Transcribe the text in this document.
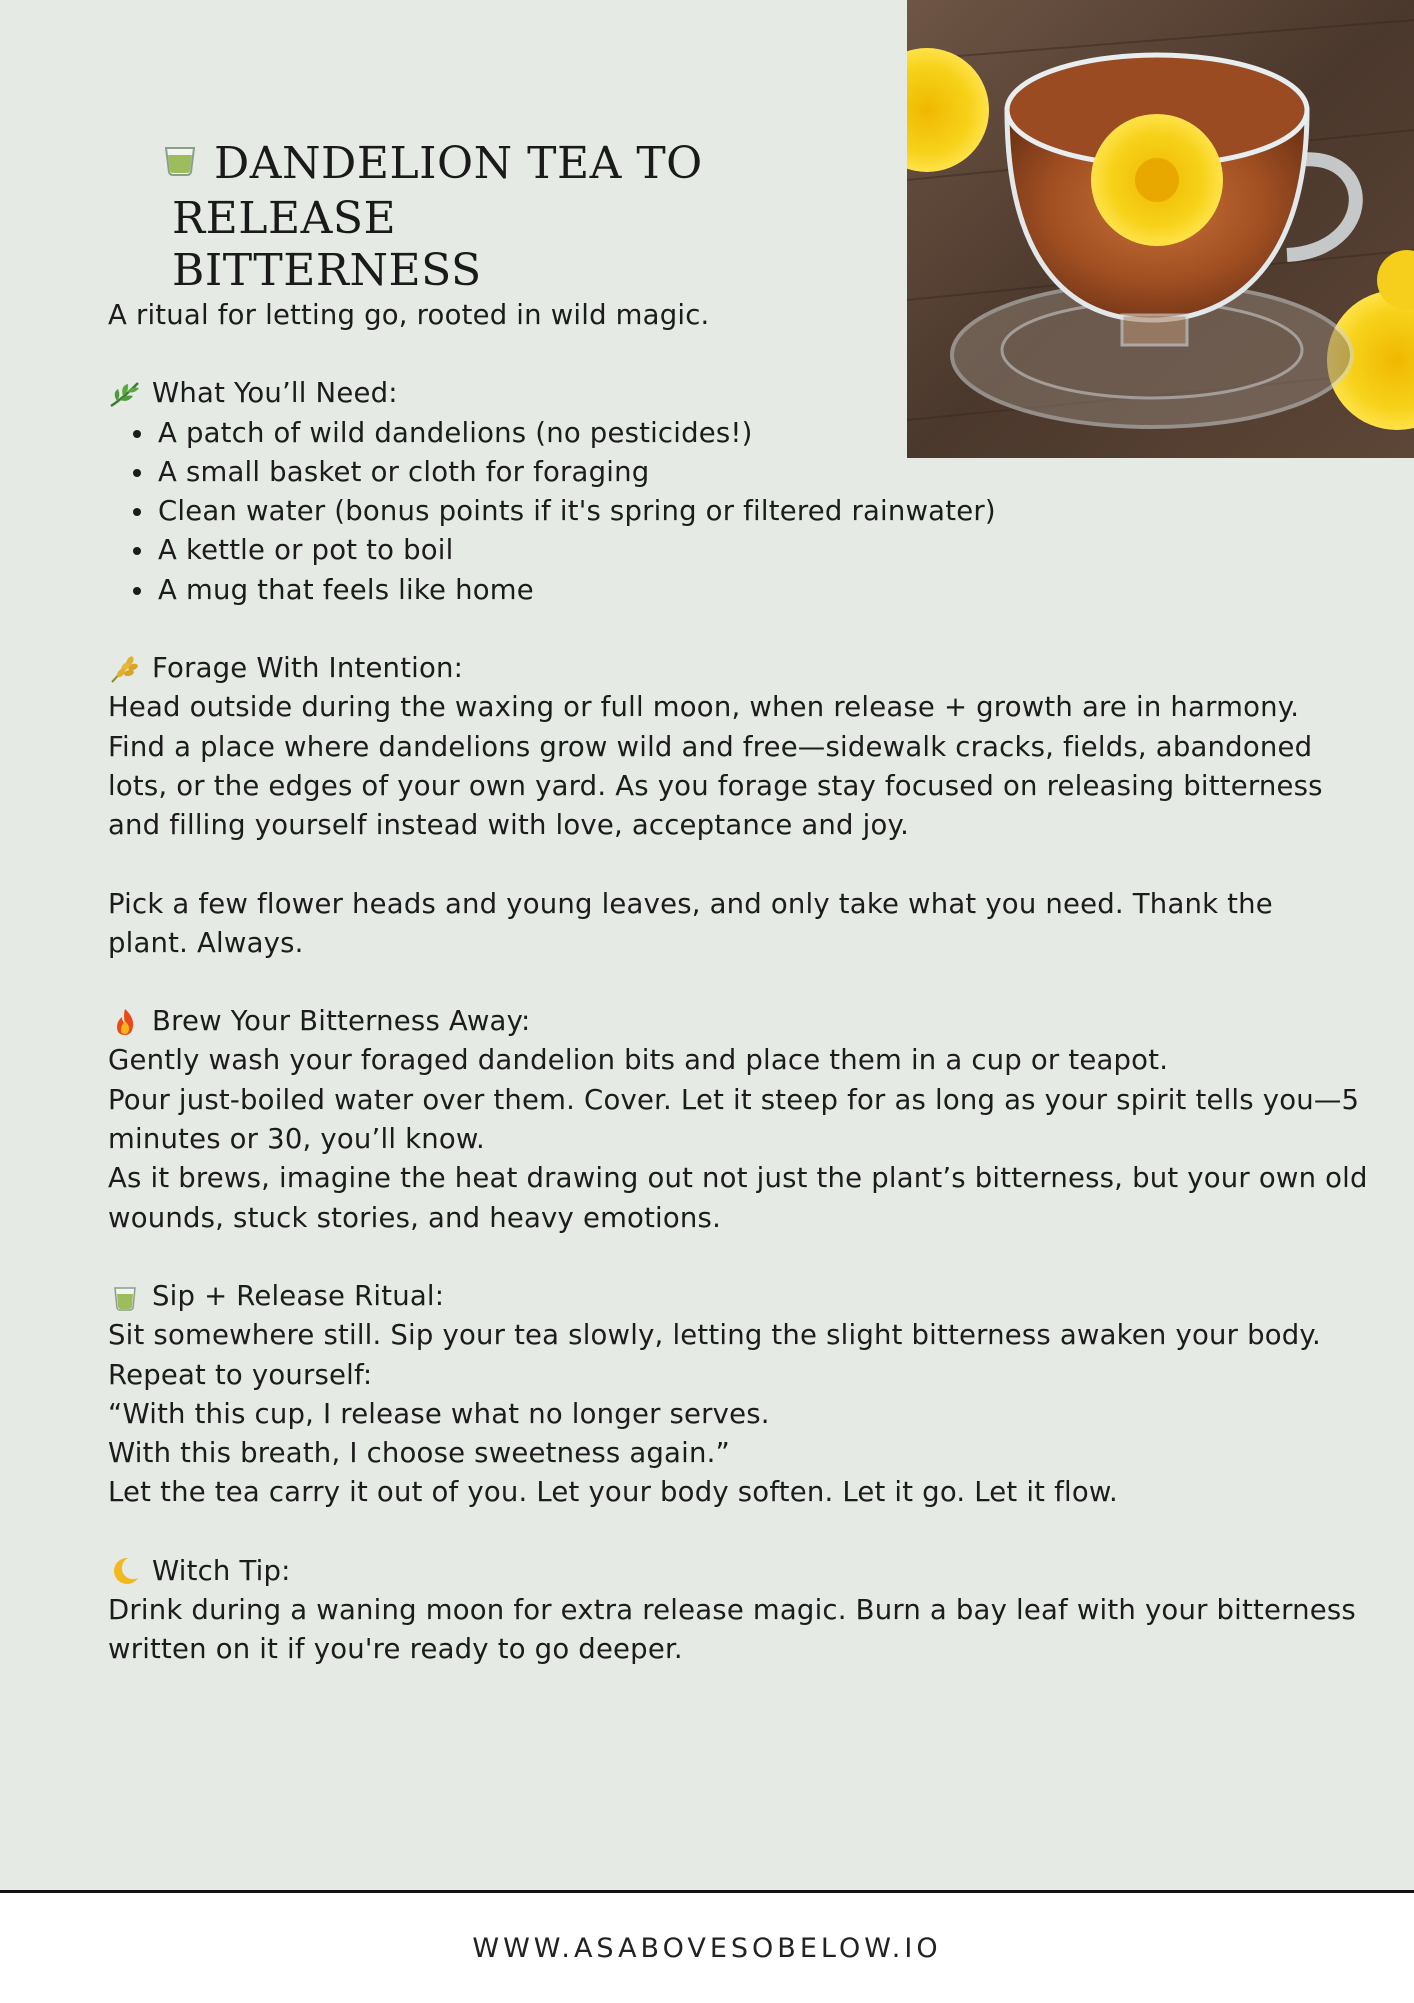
DANDELION TEA TO
RELEASE BITTERNESS

A ritual for letting go, rooted in wild magic.

What You’ll Need:
• A patch of wild dandelions (no pesticides!)
• A small basket or cloth for foraging
• Clean water (bonus points if it's spring or filtered rainwater)
• A kettle or pot to boil
• A mug that feels like home
Forage With Intention:

Head outside during the waxing or full moon, when release + growth are in harmony.

Find a place where dandelions grow wild and free—sidewalk cracks, fields, abandoned

lots, or the edges of your own yard. As you forage stay focused on releasing bitterness

and filling yourself instead with love, acceptance and joy.

Pick a few flower heads and young leaves, and only take what you need. Thank the

plant. Always.

Brew Your Bitterness Away:

Gently wash your foraged dandelion bits and place them in a cup or teapot.

Pour just-boiled water over them. Cover. Let it steep for as long as your spirit tells you—5

minutes or 30, you’ll know.

As it brews, imagine the heat drawing out not just the plant’s bitterness, but your own old

wounds, stuck stories, and heavy emotions.

Sip + Release Ritual:

Sit somewhere still. Sip your tea slowly, letting the slight bitterness awaken your body.

Repeat to yourself:

“With this cup, I release what no longer serves.

With this breath, I choose sweetness again.”

Let the tea carry it out of you. Let your body soften. Let it go. Let it flow.

Witch Tip:

Drink during a waning moon for extra release magic. Burn a bay leaf with your bitterness

written on it if you're ready to go deeper.

WWW.ASABOVESOBELOW.IO
